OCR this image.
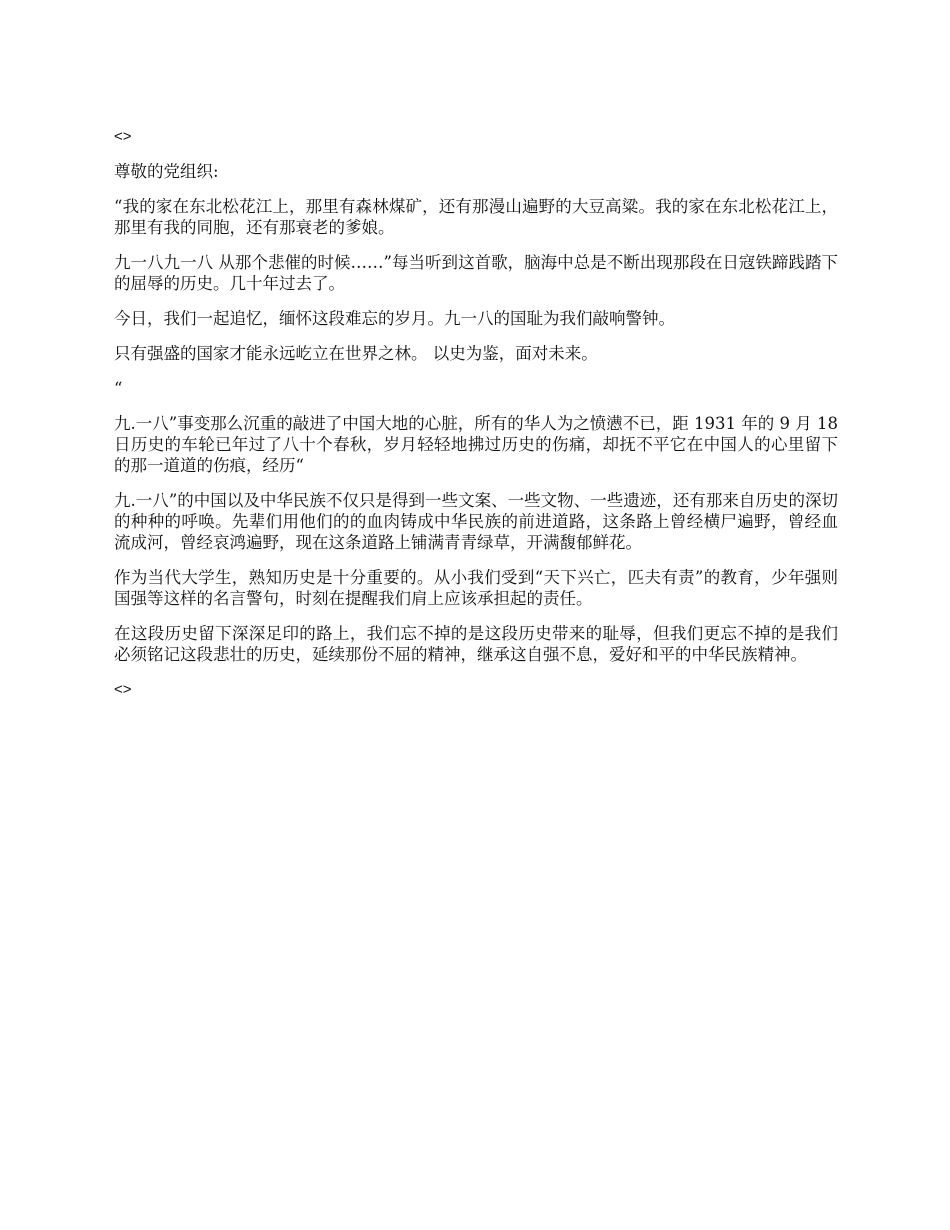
<>

尊敬的党组织:

“我的家在东北松花江上，那里有森林煤矿，还有那漫山遍野的大豆高粱。我的家在东北松花江上，那里有我的同胞，还有那衰老的爹娘。

九一八九一八 从那个悲催的时候……”每当听到这首歌，脑海中总是不断出现那段在日寇铁蹄践踏下的屈辱的历史。几十年过去了。

今日，我们一起追忆，缅怀这段难忘的岁月。九一八的国耻为我们敲响警钟。

只有强盛的国家才能永远屹立在世界之林。 以史为鉴，面对未来。

“

九.一八”事变那么沉重的敲进了中国大地的心脏，所有的华人为之愤懑不已，距 1931 年的 9 月 18 日历史的车轮已年过了八十个春秋，岁月轻轻地拂过历史的伤痛，却抚不平它在中国人的心里留下的那一道道的伤痕，经历“

九.一八”的中国以及中华民族不仅只是得到一些文案、一些文物、一些遗迹，还有那来自历史的深切的种种的呼唤。先辈们用他们的的血肉铸成中华民族的前进道路，这条路上曾经横尸遍野，曾经血流成河，曾经哀鸿遍野，现在这条道路上铺满青青绿草，开满馥郁鲜花。

作为当代大学生，熟知历史是十分重要的。从小我们受到“天下兴亡，匹夫有责”的教育，少年强则国强等这样的名言警句，时刻在提醒我们肩上应该承担起的责任。

在这段历史留下深深足印的路上，我们忘不掉的是这段历史带来的耻辱，但我们更忘不掉的是我们必须铭记这段悲壮的历史，延续那份不屈的精神，继承这自强不息，爱好和平的中华民族精神。

<>
